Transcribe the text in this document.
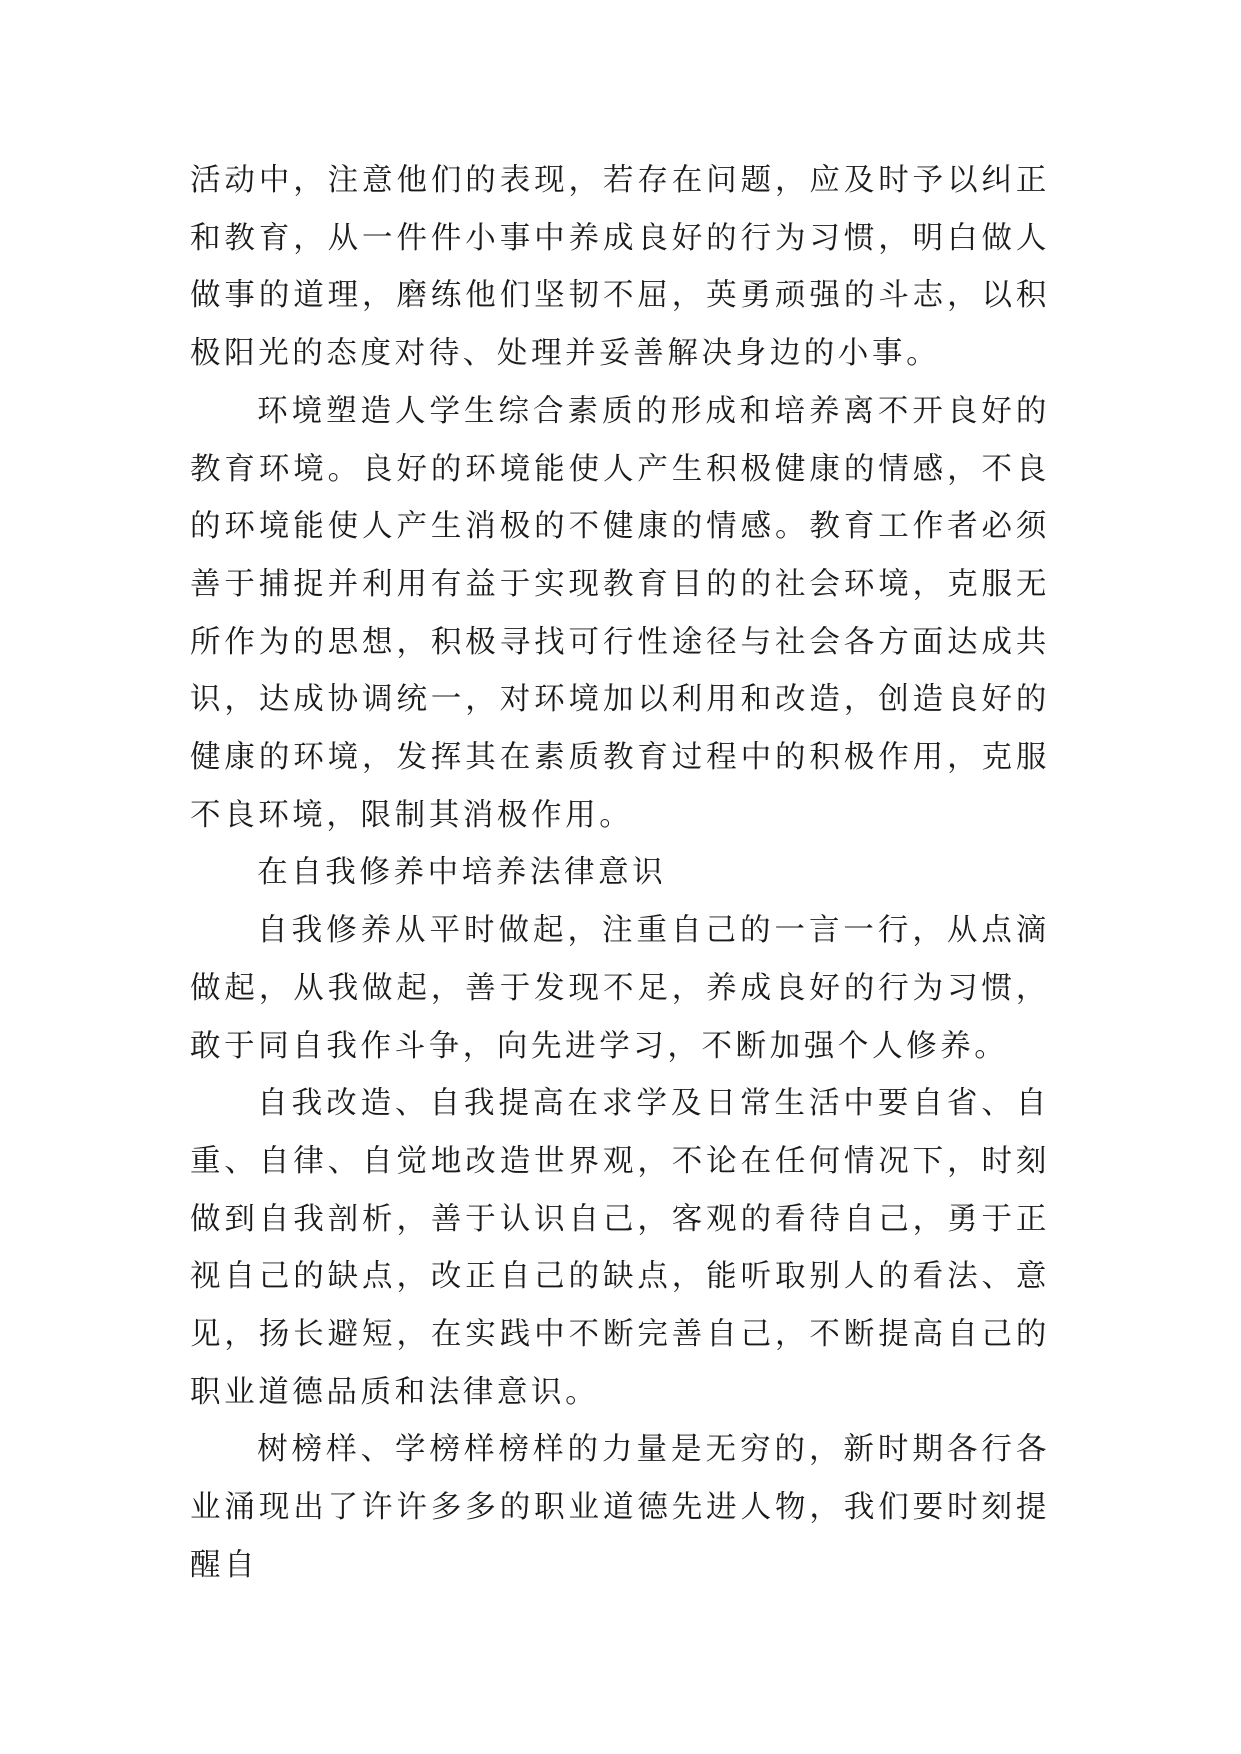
活动中，注意他们的表现，若存在问题，应及时予以纠正和教育，从一件件小事中养成良好的行为习惯，明白做人做事的道理，磨练他们坚韧不屈，英勇顽强的斗志，以积极阳光的态度对待、处理并妥善解决身边的小事。

环境塑造人学生综合素质的形成和培养离不开良好的教育环境。良好的环境能使人产生积极健康的情感，不良的环境能使人产生消极的不健康的情感。教育工作者必须善于捕捉并利用有益于实现教育目的的社会环境，克服无所作为的思想，积极寻找可行性途径与社会各方面达成共识，达成协调统一，对环境加以利用和改造，创造良好的健康的环境，发挥其在素质教育过程中的积极作用，克服不良环境，限制其消极作用。

在自我修养中培养法律意识

自我修养从平时做起，注重自己的一言一行，从点滴做起，从我做起，善于发现不足，养成良好的行为习惯，敢于同自我作斗争，向先进学习，不断加强个人修养。

自我改造、自我提高在求学及日常生活中要自省、自重、自律、自觉地改造世界观，不论在任何情况下，时刻做到自我剖析，善于认识自己，客观的看待自己，勇于正视自己的缺点，改正自己的缺点，能听取别人的看法、意见，扬长避短，在实践中不断完善自己，不断提高自己的职业道德品质和法律意识。

树榜样、学榜样榜样的力量是无穷的，新时期各行各业涌现出了许许多多的职业道德先进人物，我们要时刻提醒自
